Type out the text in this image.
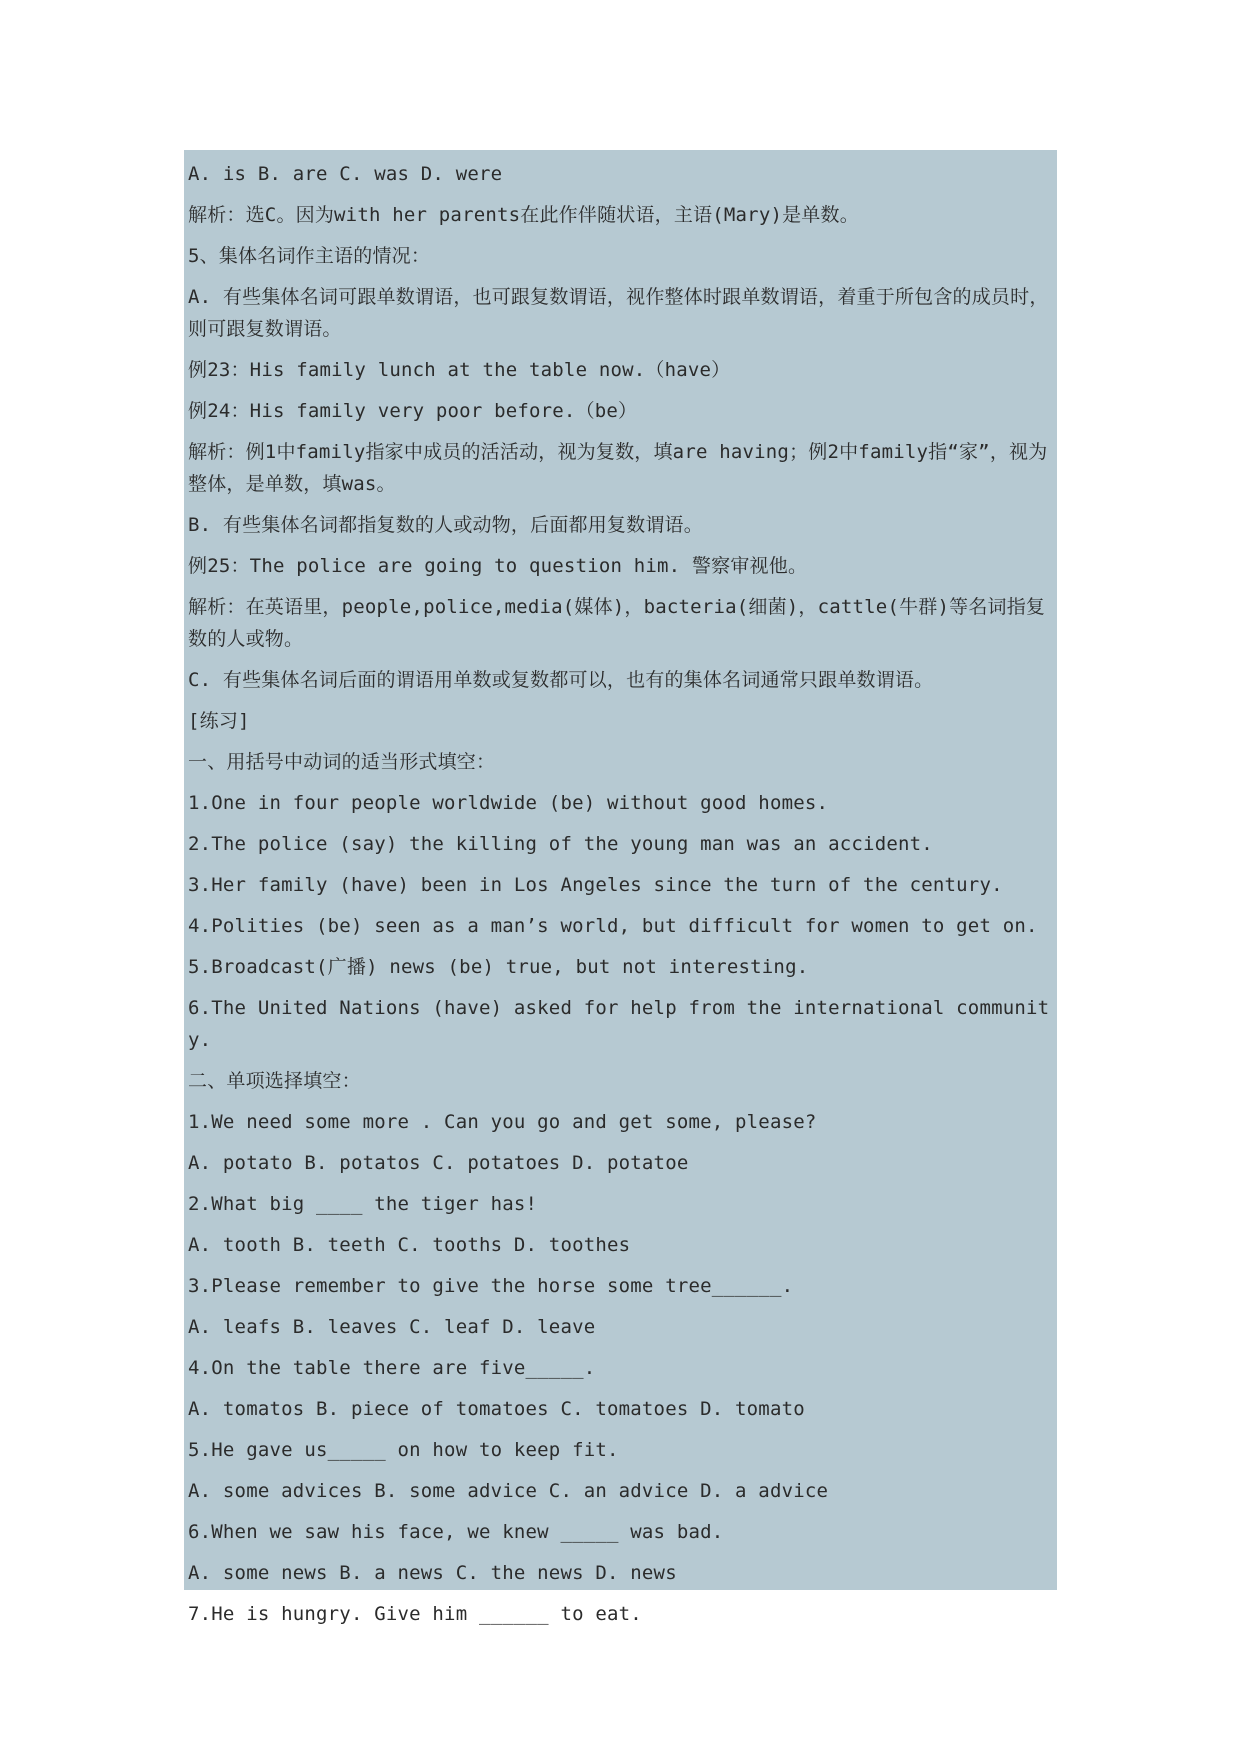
A. is B. are C. was D. were
解析：选C。因为with her parents在此作伴随状语，主语(Mary)是单数。
5、集体名词作主语的情况：
A. 有些集体名词可跟单数谓语，也可跟复数谓语，视作整体时跟单数谓语，着重于所包含的成员时，则可跟复数谓语。
例23：His family lunch at the table now.（have）
例24：His family very poor before.（be）
解析：例1中family指家中成员的活活动，视为复数，填are having；例2中family指“家”，视为整体，是单数，填was。
B. 有些集体名词都指复数的人或动物，后面都用复数谓语。
例25：The police are going to question him. 警察审视他。
解析：在英语里，people,police,media(媒体)，bacteria(细菌)，cattle(牛群)等名词指复数的人或物。
C. 有些集体名词后面的谓语用单数或复数都可以，也有的集体名词通常只跟单数谓语。
[练习]
一、用括号中动词的适当形式填空：
1.One in four people worldwide (be) without good homes.
2.The police (say) the killing of the young man was an accident.
3.Her family (have) been in Los Angeles since the turn of the century.
4.Polities (be) seen as a man’s world, but difficult for women to get on.
5.Broadcast(广播) news (be) true, but not interesting.
6.The United Nations (have) asked for help from the international community.
二、单项选择填空：
1.We need some more . Can you go and get some, please?
A. potato B. potatos C. potatoes D. potatoe
2.What big ____ the tiger has!
A. tooth B. teeth C. tooths D. toothes
3.Please remember to give the horse some tree______.
A. leafs B. leaves C. leaf D. leave
4.On the table there are five_____.
A. tomatos B. piece of tomatoes C. tomatoes D. tomato
5.He gave us_____ on how to keep fit.
A. some advices B. some advice C. an advice D. a advice
6.When we saw his face, we knew _____ was bad.
A. some news B. a news C. the news D. news
7.He is hungry. Give him ______ to eat.
